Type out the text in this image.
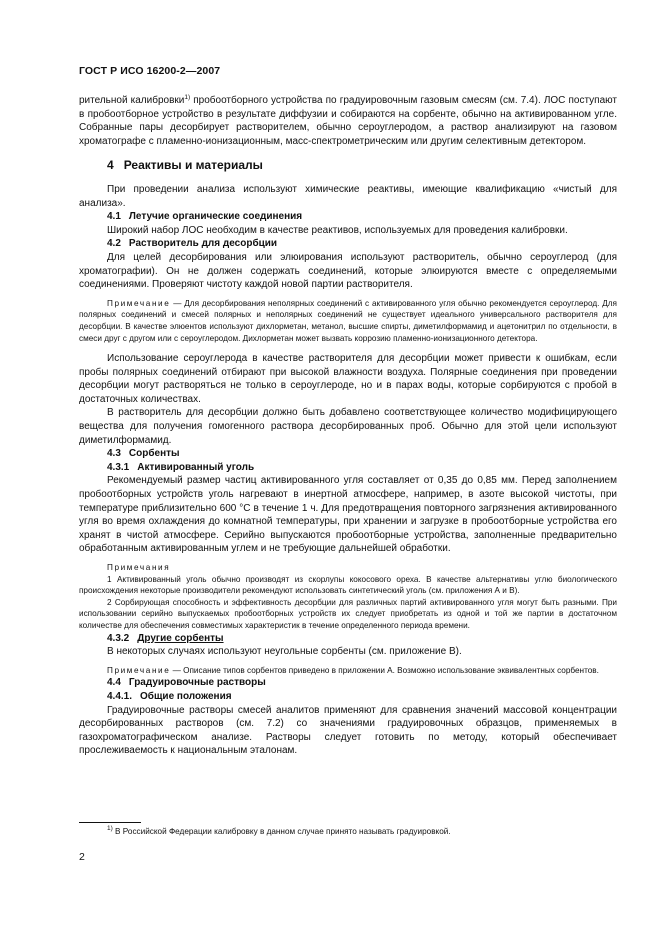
ГОСТ Р ИСО 16200-2—2007

рительной калибровки$^{1)}$ пробоотборного устройства по градуировочным газовым смесям (см. 7.4). ЛОС поступают в пробоотборное устройство в результате диффузии и собираются на сорбенте, обычно на активированном угле. Собранные пары десорбирует растворителем, обычно сероуглеродом, а раствор анализируют на газовом хроматографе с пламенно-ионизационным, масс-спектрометрическим или другим селективным детектором.

4 Реактивы и материалы

При проведении анализа используют химические реактивы, имеющие квалификацию «чистый для анализа».

4.1 Летучие органические соединения

Широкий набор ЛОС необходим в качестве реактивов, используемых для проведения калибровки.

4.2 Растворитель для десорбции

Для целей десорбирования или элюирования используют растворитель, обычно сероуглерод (для хроматографии). Он не должен содержать соединений, которые элюируются вместе с определяемыми соединениями. Проверяют чистоту каждой новой партии растворителя.

Примечание — Для десорбирования неполярных соединений с активированного угля обычно рекомендуется сероуглерод. Для полярных соединений и смесей полярных и неполярных соединений не существует идеального универсального растворителя для десорбции. В качестве элюентов используют дихлорметан, метанол, высшие спирты, диметилформамид и ацетонитрил по отдельности, в смеси друг с другом или с сероуглеродом. Дихлорметан может вызвать коррозию пламенно-ионизационного детектора.

Использование сероуглерода в качестве растворителя для десорбции может привести к ошибкам, если пробы полярных соединений отбирают при высокой влажности воздуха. Полярные соединения при проведении десорбции могут растворяться не только в сероуглероде, но и в парах воды, которые сорбируются с пробой в достаточных количествах.

В растворитель для десорбции должно быть добавлено соответствующее количество модифицирующего вещества для получения гомогенного раствора десорбированных проб. Обычно для этой цели используют диметилформамид.

4.3 Сорбенты
4.3.1 Активированный уголь

Рекомендуемый размер частиц активированного угля составляет от 0,35 до 0,85 мм. Перед заполнением пробоотборных устройств уголь нагревают в инертной атмосфере, например, в азоте высокой чистоты, при температуре приблизительно 600 °С в течение 1 ч. Для предотвращения повторного загрязнения активированного угля во время охлаждения до комнатной температуры, при хранении и загрузке в пробоотборные устройства его хранят в чистой атмосфере. Серийно выпускаются пробоотборные устройства, заполненные предварительно обработанным активированным углем и не требующие дальнейшей обработки.

Примечания

1 Активированный уголь обычно производят из скорлупы кокосового ореха. В качестве альтернативы углю биологического происхождения некоторые производители рекомендуют использовать синтетический уголь (см. приложения А и В).

2 Сорбирующая способность и эффективность десорбции для различных партий активированного угля могут быть разными. При использовании серийно выпускаемых пробоотборных устройств их следует приобретать из одной и той же партии в достаточном количестве для обеспечения совместимых характеристик в течение определенного периода времени.

4.3.2 Другие сорбенты

В некоторых случаях используют неугольные сорбенты (см. приложение В).

Примечание — Описание типов сорбентов приведено в приложении А. Возможно использование эквивалентных сорбентов.

4.4 Градуировочные растворы
4.4.1. Общие положения

Градуировочные растворы смесей аналитов применяют для сравнения значений массовой концентрации десорбированных растворов (см. 7.2) со значениями градуировочных образцов, применяемых в газохроматографическом анализе. Растворы следует готовить по методу, который обеспечивает прослеживаемость к национальным эталонам.

$^{1)}$ В Российской Федерации калибровку в данном случае принято называть градуировкой.
2
